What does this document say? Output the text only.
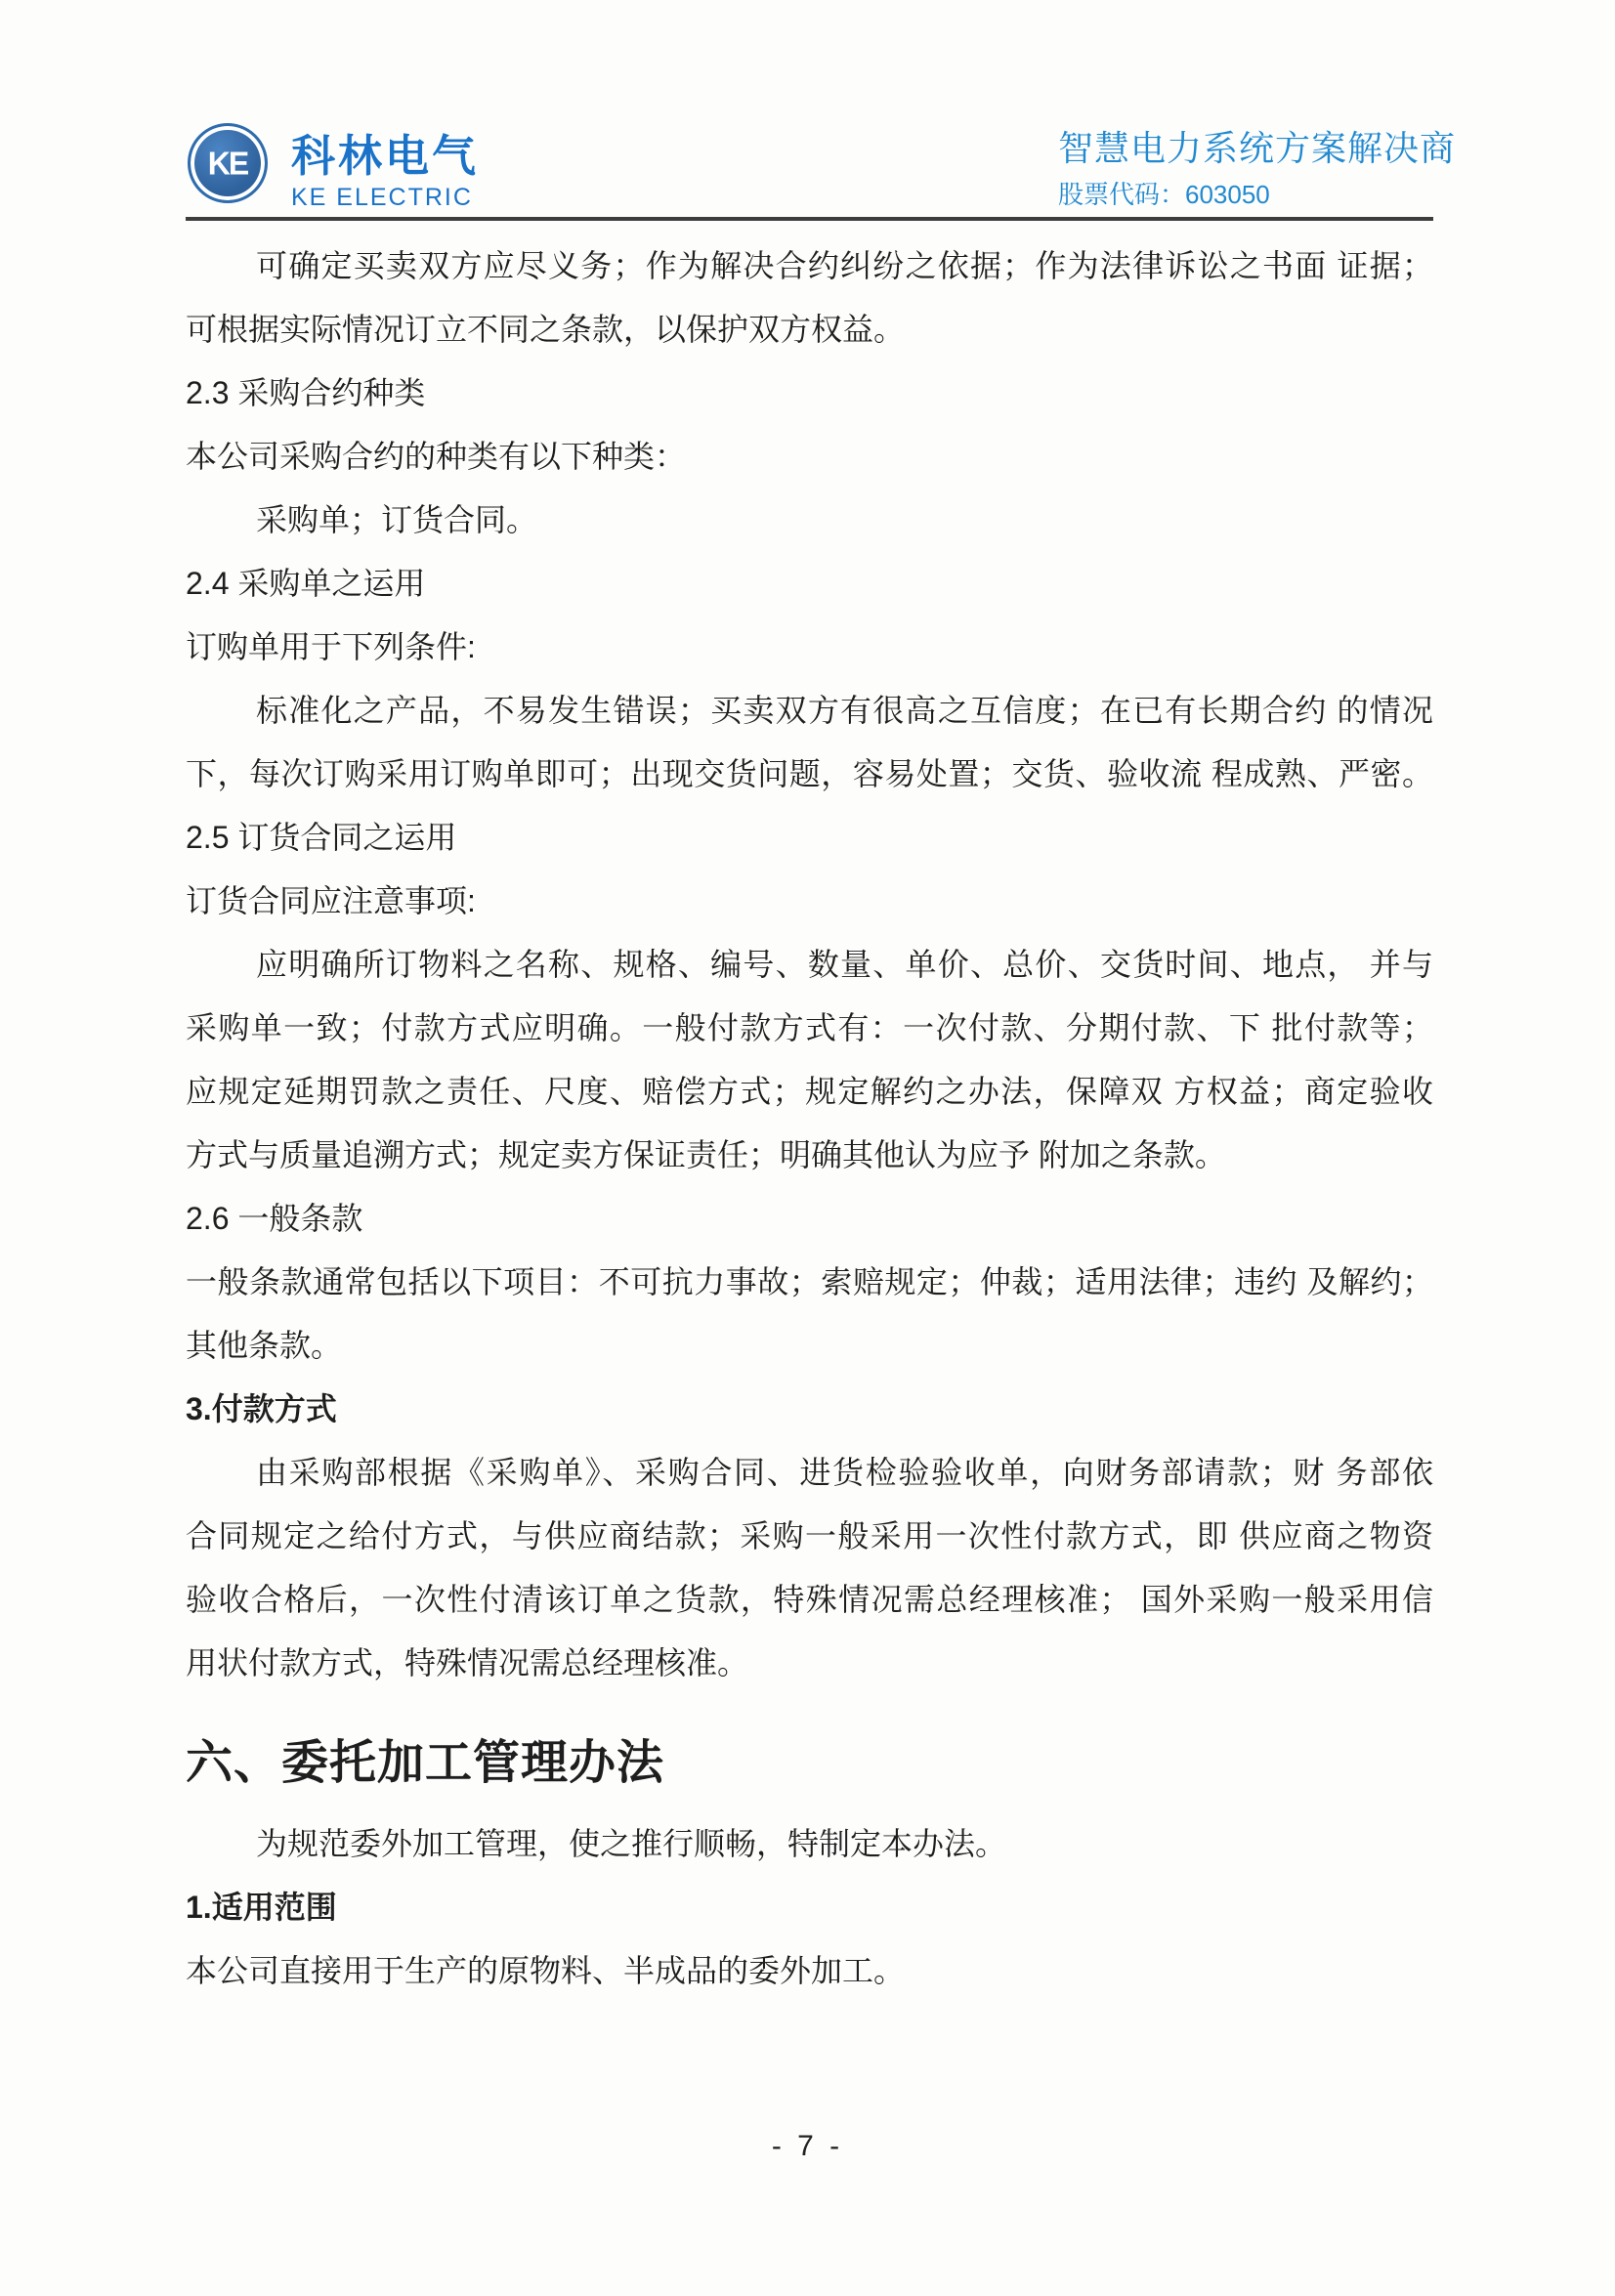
KE 科林电气
KE ELECTRIC
智慧电力系统方案解决商
股票代码：603050
可确定买卖双方应尽义务；作为解决合约纠纷之依据；作为法律诉讼之书面 证据；
可根据实际情况订立不同之条款，以保护双方权益。
2.3 采购合约种类
本公司采购合约的种类有以下种类：
采购单；订货合同。
2.4 采购单之运用
订购单用于下列条件:
标准化之产品，不易发生错误；买卖双方有很高之互信度；在已有长期合约 的情况
下，每次订购采用订购单即可；出现交货问题，容易处置；交货、验收流 程成熟、严密。
2.5 订货合同之运用
订货合同应注意事项:
应明确所订物料之名称、规格、编号、数量、单价、总价、交货时间、地点， 并与
采购单一致；付款方式应明确。一般付款方式有：一次付款、分期付款、下 批付款等；
应规定延期罚款之责任、尺度、赔偿方式；规定解约之办法，保障双 方权益；商定验收
方式与质量追溯方式；规定卖方保证责任；明确其他认为应予 附加之条款。
2.6 一般条款
一般条款通常包括以下项目：不可抗力事故；索赔规定；仲裁；适用法律；违约 及解约；
其他条款。
3.付款方式
由采购部根据《采购单》、采购合同、进货检验验收单，向财务部请款；财 务部依
合同规定之给付方式，与供应商结款；采购一般采用一次性付款方式，即 供应商之物资
验收合格后，一次性付清该订单之货款，特殊情况需总经理核准； 国外采购一般采用信
用状付款方式，特殊情况需总经理核准。
六、委托加工管理办法
为规范委外加工管理，使之推行顺畅，特制定本办法。
1.适用范围
本公司直接用于生产的原物料、半成品的委外加工。
- 7 -
